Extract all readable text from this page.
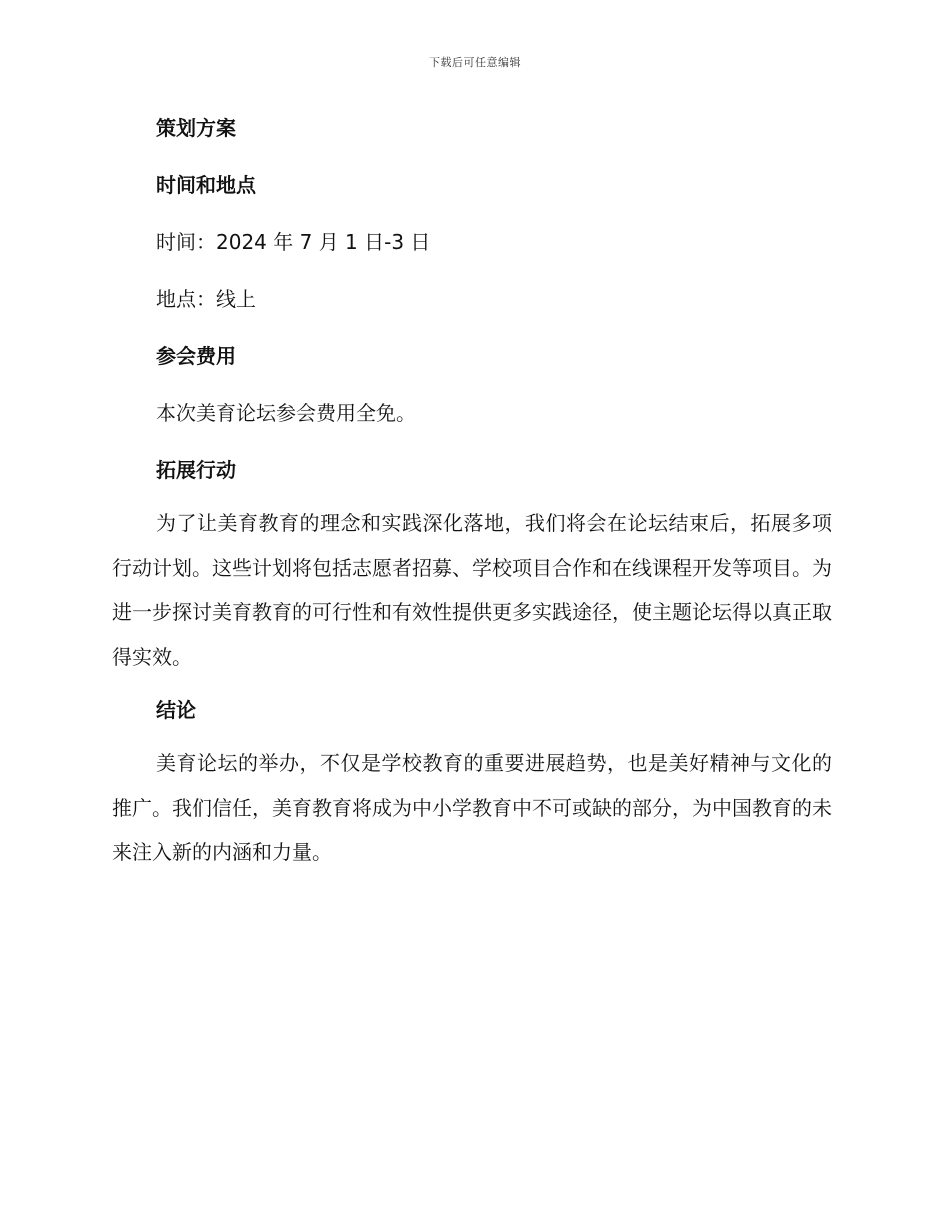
下载后可任意编辑
策划方案
时间和地点
时间：2024 年 7 月 1 日-3 日
地点：线上
参会费用
本次美育论坛参会费用全免。
拓展行动

为了让美育教育的理念和实践深化落地，我们将会在论坛结束后，拓展多项行动计划。这些计划将包括志愿者招募、学校项目合作和在线课程开发等项目。为进一步探讨美育教育的可行性和有效性提供更多实践途径，使主题论坛得以真正取得实效。

结论

美育论坛的举办，不仅是学校教育的重要进展趋势，也是美好精神与文化的推广。我们信任，美育教育将成为中小学教育中不可或缺的部分，为中国教育的未来注入新的内涵和力量。
